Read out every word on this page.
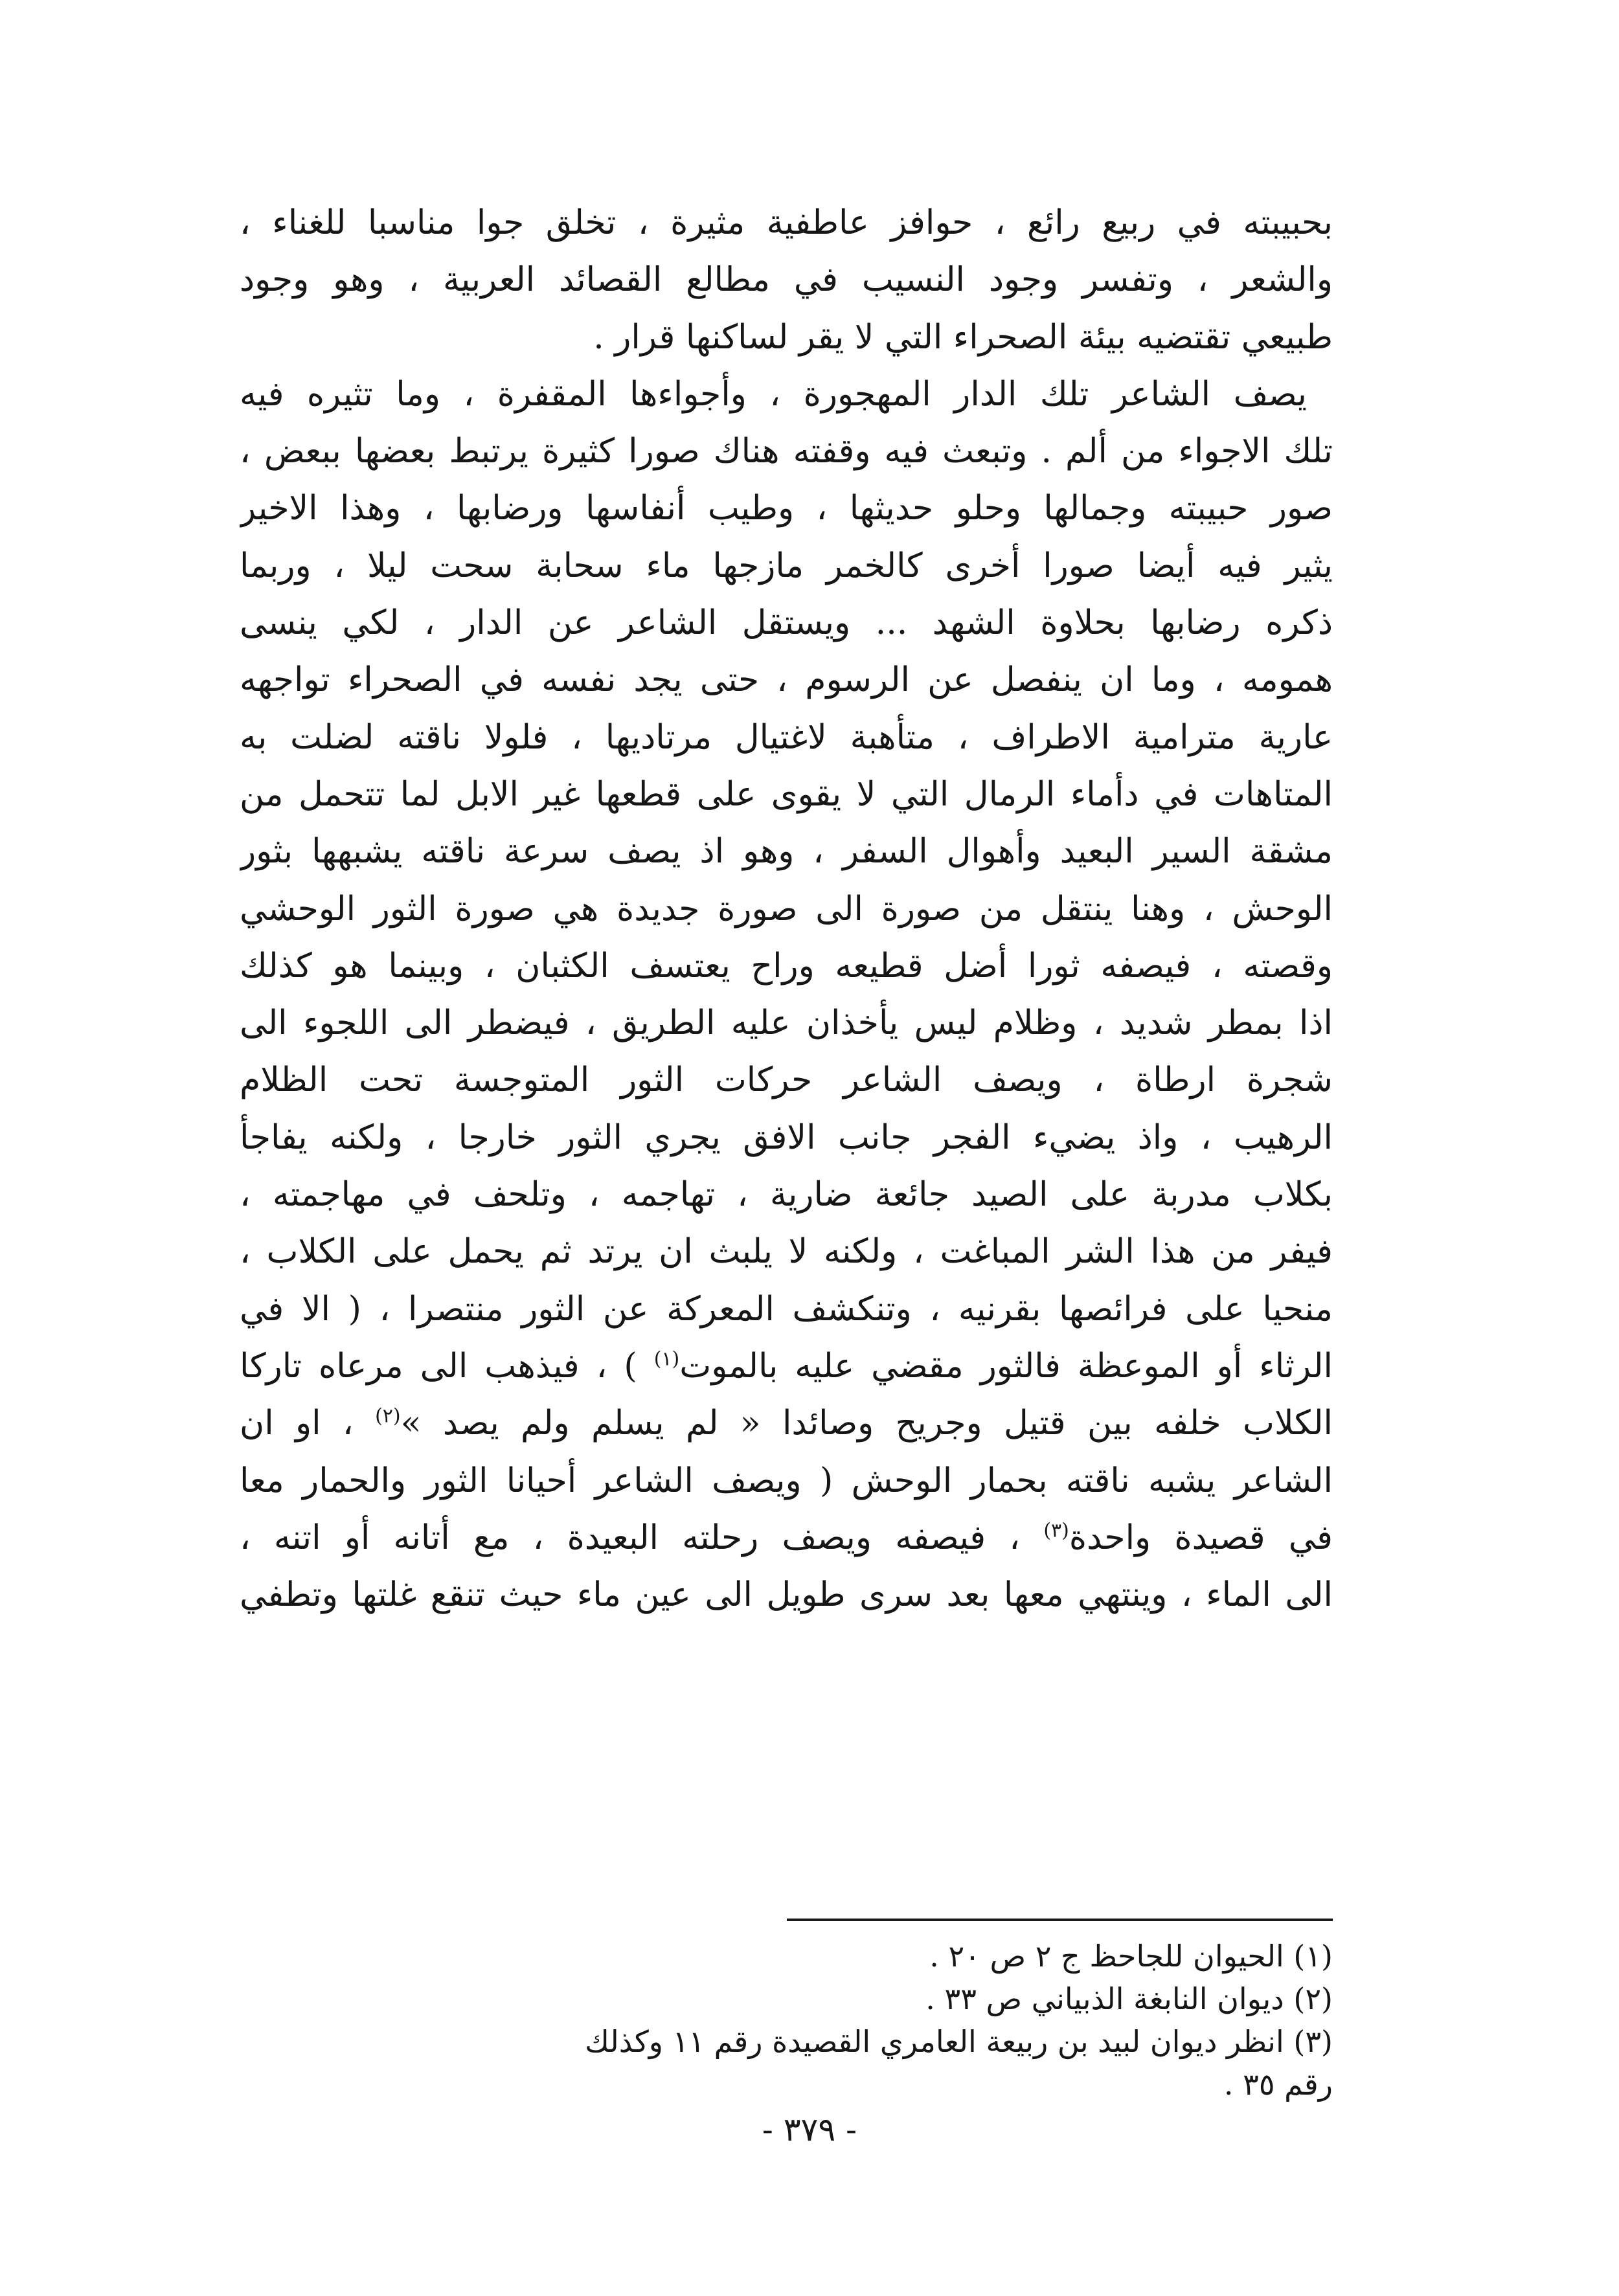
بحبيبته في ربيع رائع ، حوافز عاطفية مثيرة ، تخلق جوا مناسبا للغناء ،
والشعر ، وتفسر وجود النسيب في مطالع القصائد العربية ، وهو وجود
طبيعي تقتضيه بيئة الصحراء التي لا يقر لساكنها قرار .
يصف الشاعر تلك الدار المهجورة ، وأجواءها المقفرة ، وما تثيره فيه
تلك الاجواء من ألم . وتبعث فيه وقفته هناك صورا كثيرة يرتبط بعضها ببعض ،
صور حبيبته وجمالها وحلو حديثها ، وطيب أنفاسها ورضابها ، وهذا الاخير
يثير فيه أيضا صورا أخرى كالخمر مازجها ماء سحابة سحت ليلا ، وربما
ذكره رضابها بحلاوة الشهد ... ويستقل الشاعر عن الدار ، لكي ينسى
همومه ، وما ان ينفصل عن الرسوم ، حتى يجد نفسه في الصحراء تواجهه
عارية مترامية الاطراف ، متأهبة لاغتيال مرتاديها ، فلولا ناقته لضلت به
المتاهات في دأماء الرمال التي لا يقوى على قطعها غير الابل لما تتحمل من
مشقة السير البعيد وأهوال السفر ، وهو اذ يصف سرعة ناقته يشبهها بثور
الوحش ، وهنا ينتقل من صورة الى صورة جديدة هي صورة الثور الوحشي
وقصته ، فيصفه ثورا أضل قطيعه وراح يعتسف الكثبان ، وبينما هو كذلك
اذا بمطر شديد ، وظلام ليس يأخذان عليه الطريق ، فيضطر الى اللجوء الى
شجرة ارطاة ، ويصف الشاعر حركات الثور المتوجسة تحت الظلام
الرهيب ، واذ يضيء الفجر جانب الافق يجري الثور خارجا ، ولكنه يفاجأ
بكلاب مدربة على الصيد جائعة ضارية ، تهاجمه ، وتلحف في مهاجمته ،
فيفر من هذا الشر المباغت ، ولكنه لا يلبث ان يرتد ثم يحمل على الكلاب ،
منحيا على فرائصها بقرنيه ، وتنكشف المعركة عن الثور منتصرا ، ( الا في
الرثاء أو الموعظة فالثور مقضي عليه بالموت$^{(١)}$ ) ، فيذهب الى مرعاه تاركا
الكلاب خلفه بين قتيل وجريح وصائدا « لم يسلم ولم يصد »$^{(٢)}$ ، او ان
الشاعر يشبه ناقته بحمار الوحش ( ويصف الشاعر أحيانا الثور والحمار معا
في قصيدة واحدة$^{(٣)}$ ، فيصفه ويصف رحلته البعيدة ، مع أتانه أو اتنه ،
الى الماء ، وينتهي معها بعد سرى طويل الى عين ماء حيث تنقع غلتها وتطفي
(١) الحيوان للجاحظ ج ٢ ص ٢٠ .
(٢) ديوان النابغة الذبياني ص ٣٣ .
(٣) انظر ديوان لبيد بن ربيعة العامري القصيدة رقم ١١ وكذلك
رقم ٣٥ .
- ٣٧٩ -
